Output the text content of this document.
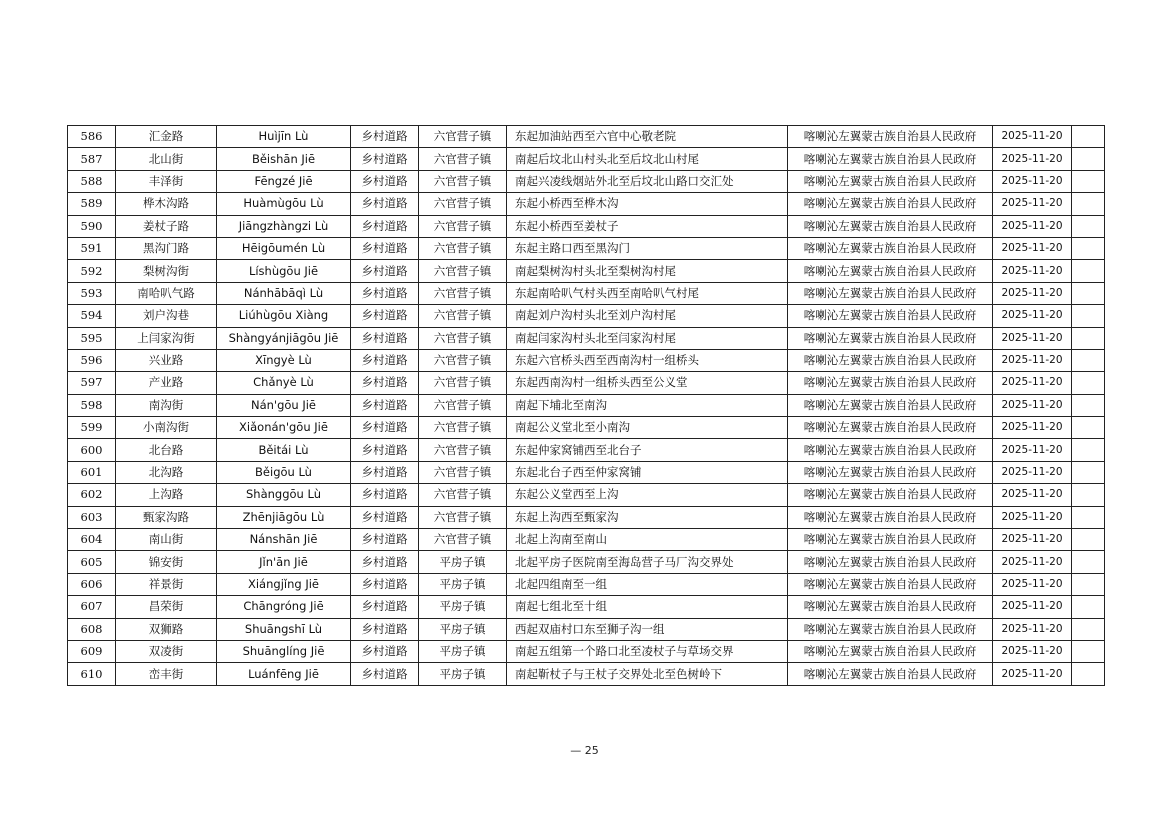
586	汇金路	Huìjīn Lù	乡村道路	六官营子镇	东起加油站西至六官中心敬老院	喀喇沁左翼蒙古族自治县人民政府	2025-11-20	
587	北山街	Běishān Jiē	乡村道路	六官营子镇	南起后坟北山村头北至后坟北山村尾	喀喇沁左翼蒙古族自治县人民政府	2025-11-20	
588	丰泽街	Fēngzé Jiē	乡村道路	六官营子镇	南起兴凌线烟站外北至后坟北山路口交汇处	喀喇沁左翼蒙古族自治县人民政府	2025-11-20	
589	桦木沟路	Huàmùgōu Lù	乡村道路	六官营子镇	东起小桥西至桦木沟	喀喇沁左翼蒙古族自治县人民政府	2025-11-20	
590	姜杖子路	Jiāngzhàngzi Lù	乡村道路	六官营子镇	东起小桥西至姜杖子	喀喇沁左翼蒙古族自治县人民政府	2025-11-20	
591	黑沟门路	Hēigōumén Lù	乡村道路	六官营子镇	东起主路口西至黑沟门	喀喇沁左翼蒙古族自治县人民政府	2025-11-20	
592	梨树沟街	Líshùgōu Jiē	乡村道路	六官营子镇	南起梨树沟村头北至梨树沟村尾	喀喇沁左翼蒙古族自治县人民政府	2025-11-20	
593	南哈叭气路	Nánhābāqì Lù	乡村道路	六官营子镇	东起南哈叭气村头西至南哈叭气村尾	喀喇沁左翼蒙古族自治县人民政府	2025-11-20	
594	刘户沟巷	Liúhùgōu Xiàng	乡村道路	六官营子镇	南起刘户沟村头北至刘户沟村尾	喀喇沁左翼蒙古族自治县人民政府	2025-11-20	
595	上闫家沟街	Shàngyánjiāgōu Jiē	乡村道路	六官营子镇	南起闫家沟村头北至闫家沟村尾	喀喇沁左翼蒙古族自治县人民政府	2025-11-20	
596	兴业路	Xīngyè Lù	乡村道路	六官营子镇	东起六官桥头西至西南沟村一组桥头	喀喇沁左翼蒙古族自治县人民政府	2025-11-20	
597	产业路	Chǎnyè Lù	乡村道路	六官营子镇	东起西南沟村一组桥头西至公义堂	喀喇沁左翼蒙古族自治县人民政府	2025-11-20	
598	南沟街	Nán'gōu Jiē	乡村道路	六官营子镇	南起下埔北至南沟	喀喇沁左翼蒙古族自治县人民政府	2025-11-20	
599	小南沟街	Xiǎonán'gōu Jiē	乡村道路	六官营子镇	南起公义堂北至小南沟	喀喇沁左翼蒙古族自治县人民政府	2025-11-20	
600	北台路	Běitái Lù	乡村道路	六官营子镇	东起仲家窝铺西至北台子	喀喇沁左翼蒙古族自治县人民政府	2025-11-20	
601	北沟路	Běigōu Lù	乡村道路	六官营子镇	东起北台子西至仲家窝铺	喀喇沁左翼蒙古族自治县人民政府	2025-11-20	
602	上沟路	Shànggōu Lù	乡村道路	六官营子镇	东起公义堂西至上沟	喀喇沁左翼蒙古族自治县人民政府	2025-11-20	
603	甄家沟路	Zhēnjiāgōu Lù	乡村道路	六官营子镇	东起上沟西至甄家沟	喀喇沁左翼蒙古族自治县人民政府	2025-11-20	
604	南山街	Nánshān Jiē	乡村道路	六官营子镇	北起上沟南至南山	喀喇沁左翼蒙古族自治县人民政府	2025-11-20	
605	锦安街	Jǐn'ān Jiē	乡村道路	平房子镇	北起平房子医院南至海岛营子马厂沟交界处	喀喇沁左翼蒙古族自治县人民政府	2025-11-20	
606	祥景街	Xiángjǐng Jiē	乡村道路	平房子镇	北起四组南至一组	喀喇沁左翼蒙古族自治县人民政府	2025-11-20	
607	昌荣街	Chāngróng Jiē	乡村道路	平房子镇	南起七组北至十组	喀喇沁左翼蒙古族自治县人民政府	2025-11-20	
608	双狮路	Shuāngshī Lù	乡村道路	平房子镇	西起双庙村口东至狮子沟一组	喀喇沁左翼蒙古族自治县人民政府	2025-11-20	
609	双凌街	Shuānglíng Jiē	乡村道路	平房子镇	南起五组第一个路口北至凌杖子与草场交界	喀喇沁左翼蒙古族自治县人民政府	2025-11-20	
610	峦丰街	Luánfēng Jiē	乡村道路	平房子镇	南起靳杖子与王杖子交界处北至色树岭下	喀喇沁左翼蒙古族自治县人民政府	2025-11-20	
— 25
